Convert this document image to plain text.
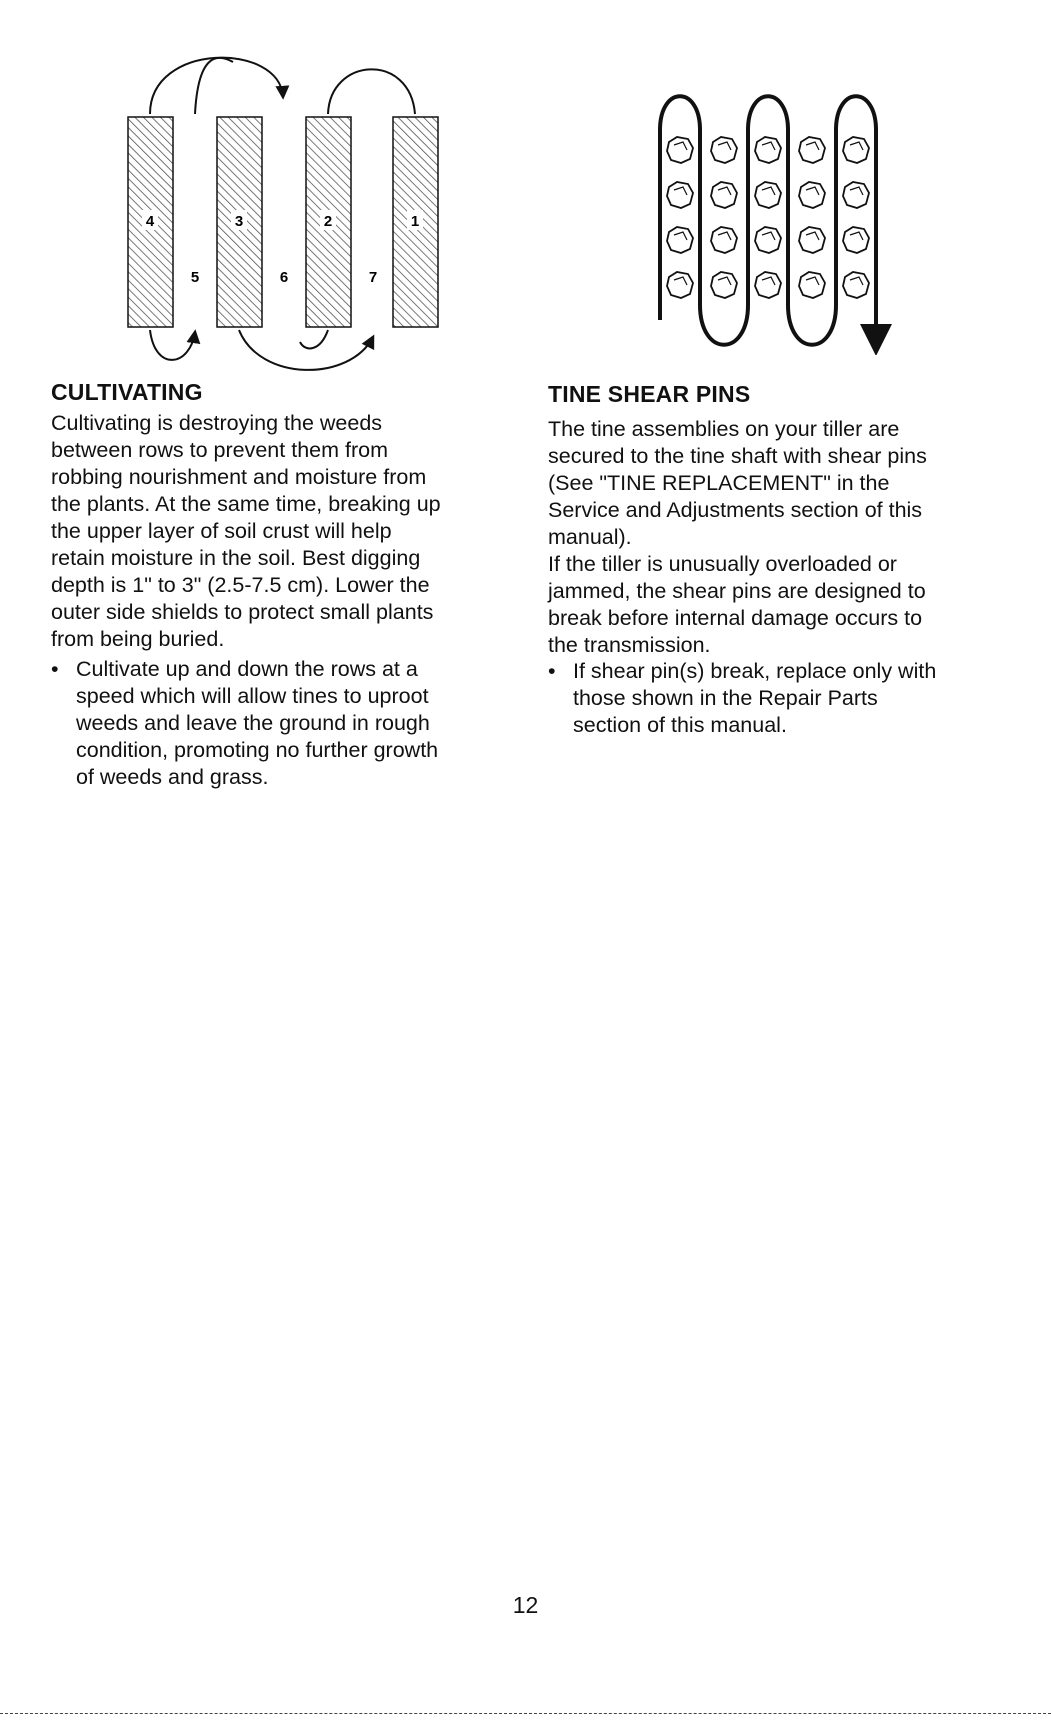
4	3	2	1
5	6	7
CULTIVATING

Cultivating is destroying the weeds
between rows to prevent them from
robbing nourishment and moisture from
the plants. At the same time, breaking up
the upper layer of soil crust will help
retain moisture in the soil. Best digging
depth is 1" to 3" (2.5-7.5 cm). Lower the
outer side shields to protect small plants
from being buried.

• Cultivate up and down the rows at a
speed which will allow tines to uproot
weeds and leave the ground in rough
condition, promoting no further growth
of weeds and grass.

TINE SHEAR PINS

The tine assemblies on your tiller are
secured to the tine shaft with shear pins
(See "TINE REPLACEMENT" in the
Service and Adjustments section of this
manual).
If the tiller is unusually overloaded or
jammed, the shear pins are designed to
break before internal damage occurs to
the transmission.

• If shear pin(s) break, replace only with
those shown in the Repair Parts
section of this manual.

12
